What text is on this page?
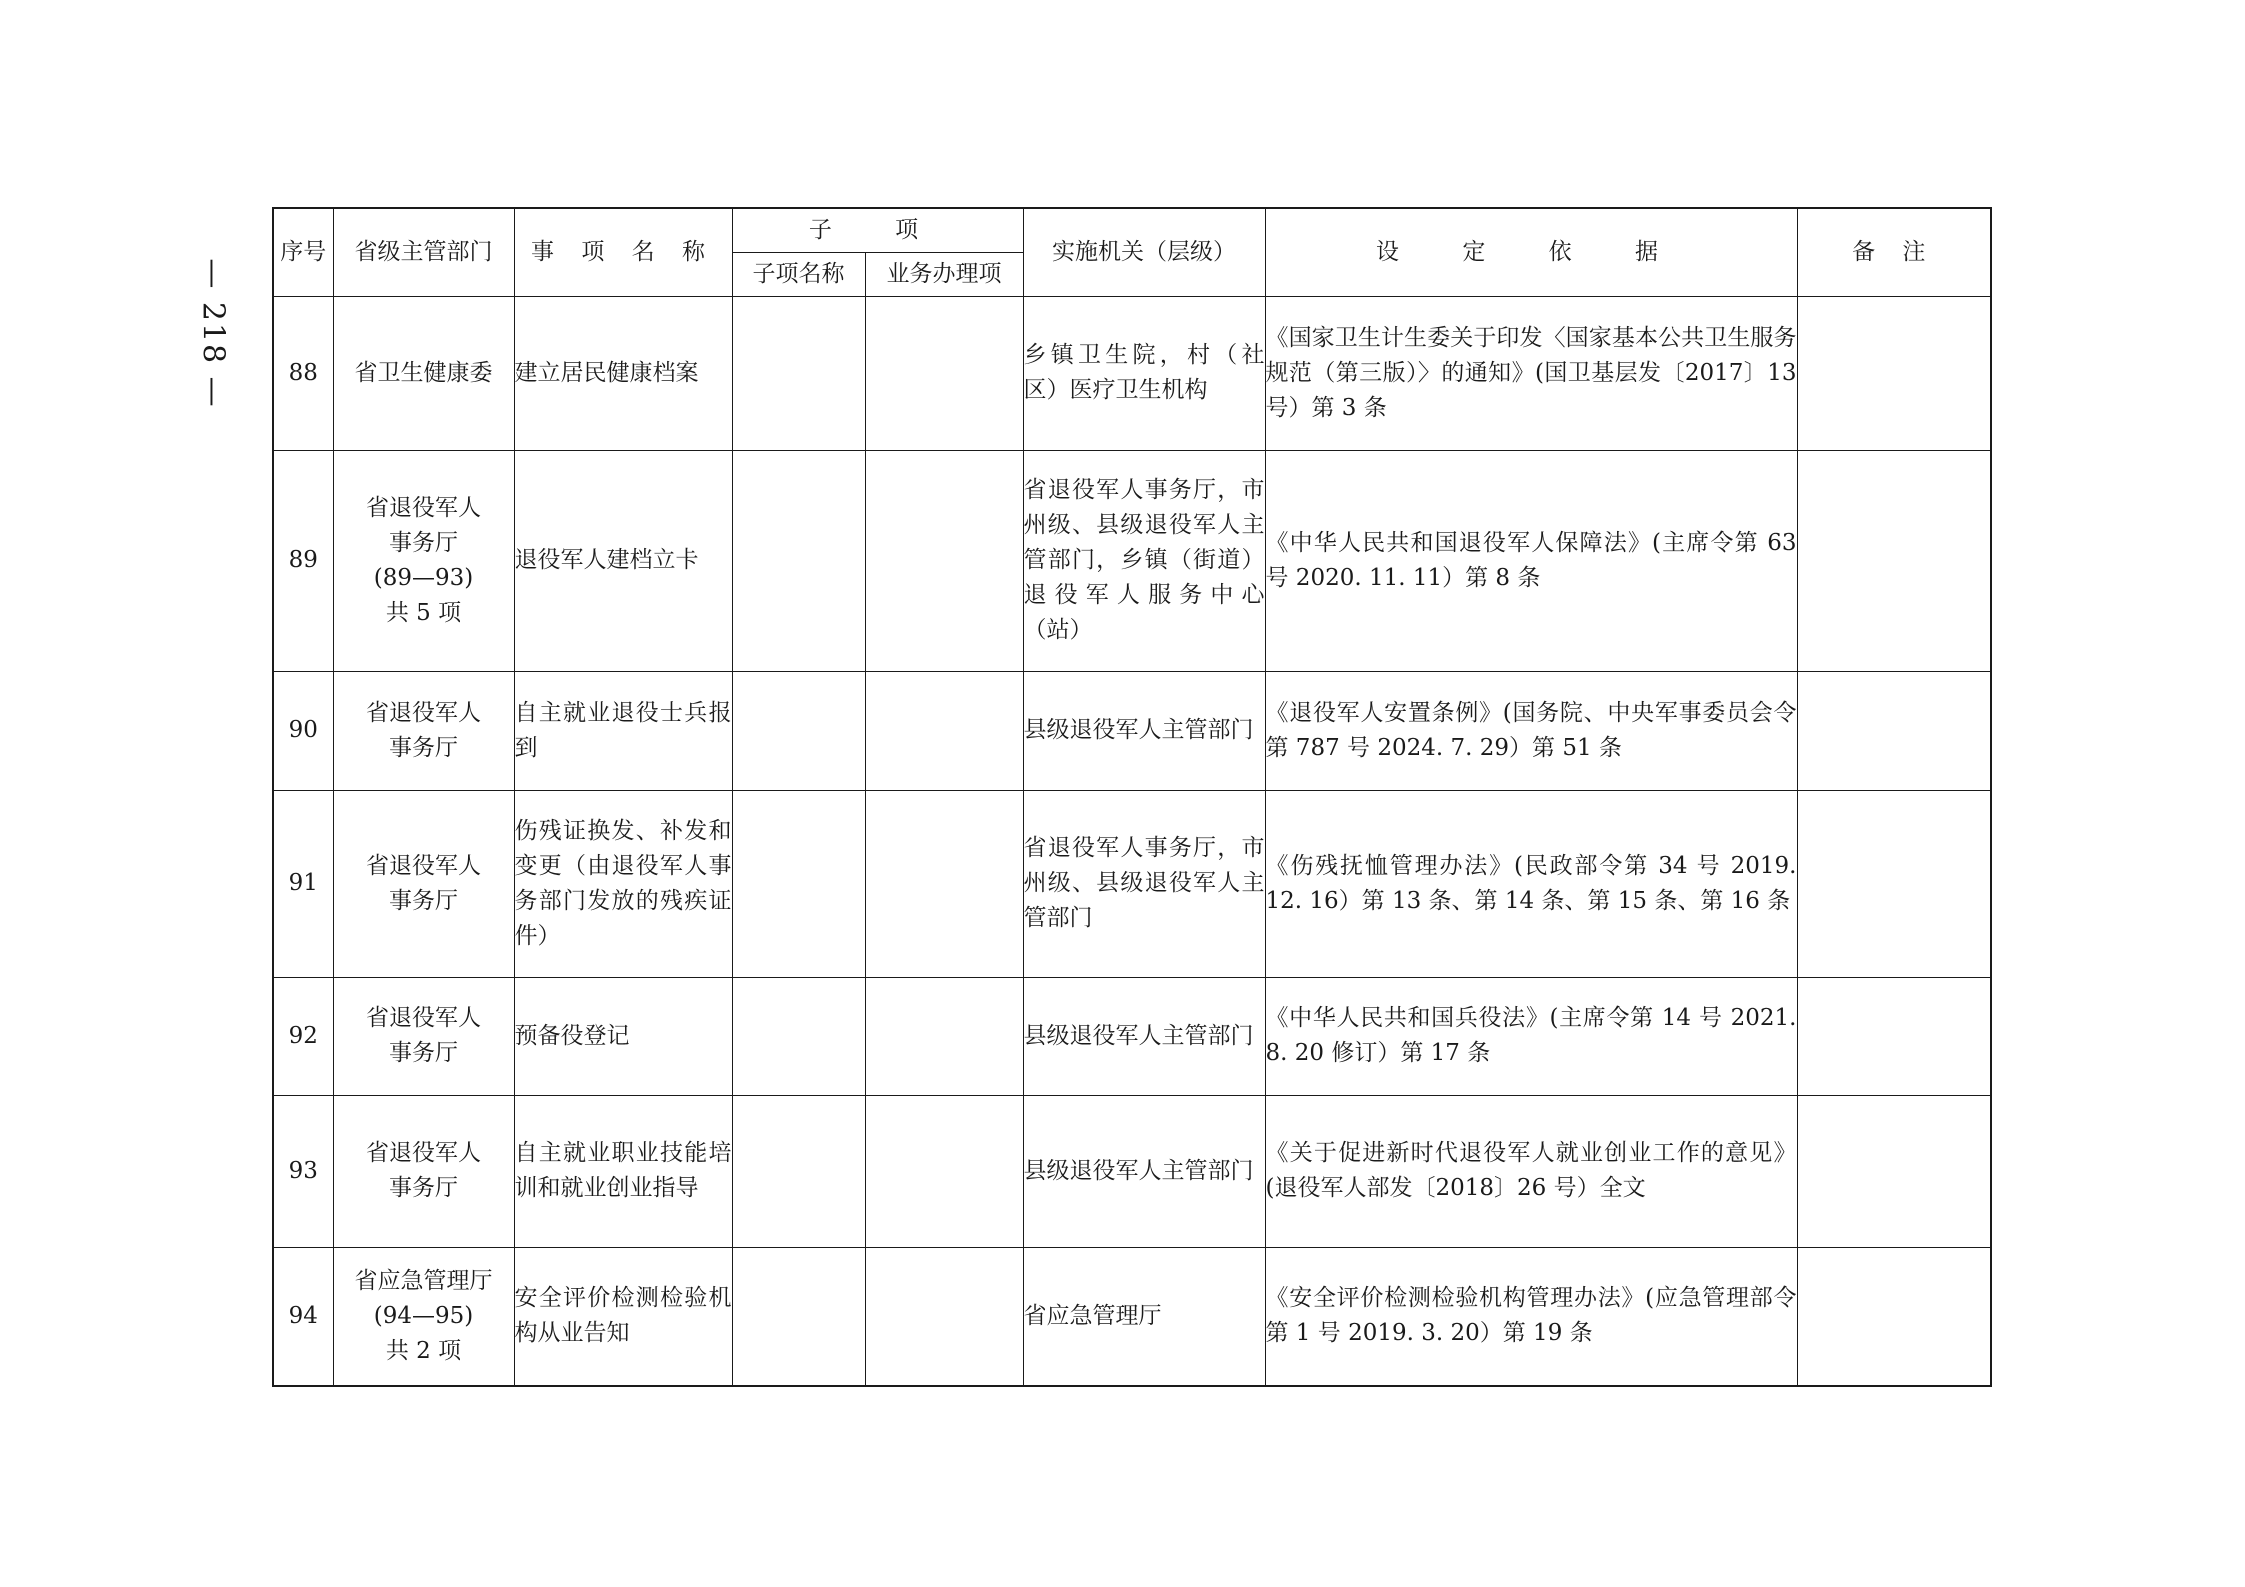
— 218 —
序号	省级主管部门	事 项 名 称	子 项		实施机关（层级）	设 定 依 据	备 注
			子项名称	业务办理项			
88	省卫生健康委	建立居民健康档案			乡镇卫生院，村（社区）医疗卫生机构	《国家卫生计生委关于印发〈国家基本公共卫生服务规范（第三版）〉的通知》(国卫基层发〔2017〕13 号）第 3 条	
89	省退役军人
事务厅
(89—93)
共 5 项	退役军人建档立卡			省退役军人事务厅，市州级、县级退役军人主管部门，乡镇（街道）退役军人服务中心（站）	《中华人民共和国退役军人保障法》(主席令第 63 号 2020. 11. 11）第 8 条	
90	省退役军人
事务厅	自主就业退役士兵报到			县级退役军人主管部门	《退役军人安置条例》(国务院、中央军事委员会令第 787 号 2024. 7. 29）第 51 条	
91	省退役军人
事务厅	伤残证换发、补发和变更（由退役军人事务部门发放的残疾证件）			省退役军人事务厅，市州级、县级退役军人主管部门	《伤残抚恤管理办法》(民政部令第 34 号 2019. 12. 16）第 13 条、第 14 条、第 15 条、第 16 条	
92	省退役军人
事务厅	预备役登记			县级退役军人主管部门	《中华人民共和国兵役法》(主席令第 14 号 2021. 8. 20 修订）第 17 条	
93	省退役军人
事务厅	自主就业职业技能培训和就业创业指导			县级退役军人主管部门	《关于促进新时代退役军人就业创业工作的意见》(退役军人部发〔2018〕26 号）全文	
94	省应急管理厅
(94—95)
共 2 项	安全评价检测检验机构从业告知			省应急管理厅	《安全评价检测检验机构管理办法》(应急管理部令第 1 号 2019. 3. 20）第 19 条	
